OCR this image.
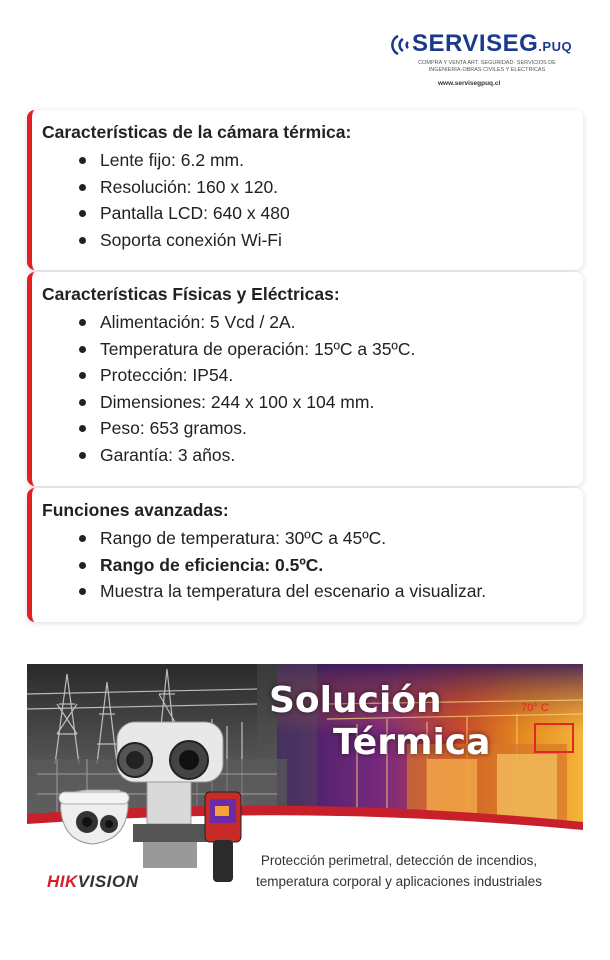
SERVISEG.PUQ
COMPRA Y VENTA ART. SEGURIDAD· SERVICIOS DE INGENIERIA·OBRAS CIVILES Y ELECTRICAS
www.servisegpuq.cl
Características de la cámara térmica:
Lente fijo: 6.2 mm.
Resolución: 160 x 120.
Pantalla LCD: 640 x 480
Soporta conexión Wi-Fi
Características Físicas y Eléctricas:
Alimentación: 5 Vcd / 2A.
Temperatura de operación: 15ºC a 35ºC.
Protección: IP54.
Dimensiones: 244 x 100 x 104 mm.
Peso: 653 gramos.
Garantía: 3 años.
Funciones avanzadas:
Rango de temperatura: 30ºC a 45ºC.
Rango de eficiencia: 0.5ºC.
Muestra la temperatura del escenario a visualizar.
Solución
Térmica
70° C
HIKVISION
Protección perimetral, detección de incendios,
temperatura corporal y aplicaciones industriales
